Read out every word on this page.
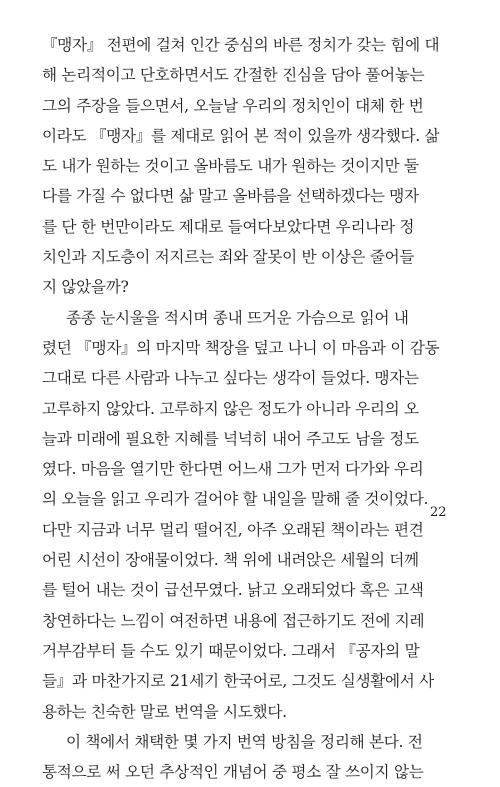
『맹자』 전편에 걸쳐 인간 중심의 바른 정치가 갖는 힘에 대
해 논리적이고 단호하면서도 간절한 진심을 담아 풀어놓는
그의 주장을 들으면서, 오늘날 우리의 정치인이 대체 한 번
이라도 『맹자』를 제대로 읽어 본 적이 있을까 생각했다. 삶
도 내가 원하는 것이고 올바름도 내가 원하는 것이지만 둘
다를 가질 수 없다면 삶 말고 올바름을 선택하겠다는 맹자
를 단 한 번만이라도 제대로 들여다보았다면 우리나라 정
치인과 지도층이 저지르는 죄와 잘못이 반 이상은 줄어들
지 않았을까?
종종 눈시울을 적시며 종내 뜨거운 가슴으로 읽어 내
렸던 『맹자』의 마지막 책장을 덮고 나니 이 마음과 이 감동
그대로 다른 사람과 나누고 싶다는 생각이 들었다. 맹자는
고루하지 않았다. 고루하지 않은 정도가 아니라 우리의 오
늘과 미래에 필요한 지혜를 넉넉히 내어 주고도 남을 정도
였다. 마음을 열기만 한다면 어느새 그가 먼저 다가와 우리
의 오늘을 읽고 우리가 걸어야 할 내일을 말해 줄 것이었다.
다만 지금과 너무 멀리 떨어진, 아주 오래된 책이라는 편견
어린 시선이 장애물이었다. 책 위에 내려앉은 세월의 더께
를 털어 내는 것이 급선무였다. 낡고 오래되었다 혹은 고색
창연하다는 느낌이 여전하면 내용에 접근하기도 전에 지레
거부감부터 들 수도 있기 때문이었다. 그래서 『공자의 말
들』과 마찬가지로 21세기 한국어로, 그것도 실생활에서 사
용하는 친숙한 말로 번역을 시도했다.
이 책에서 채택한 몇 가지 번역 방침을 정리해 본다. 전
통적으로 써 오던 추상적인 개념어 중 평소 잘 쓰이지 않는
22
